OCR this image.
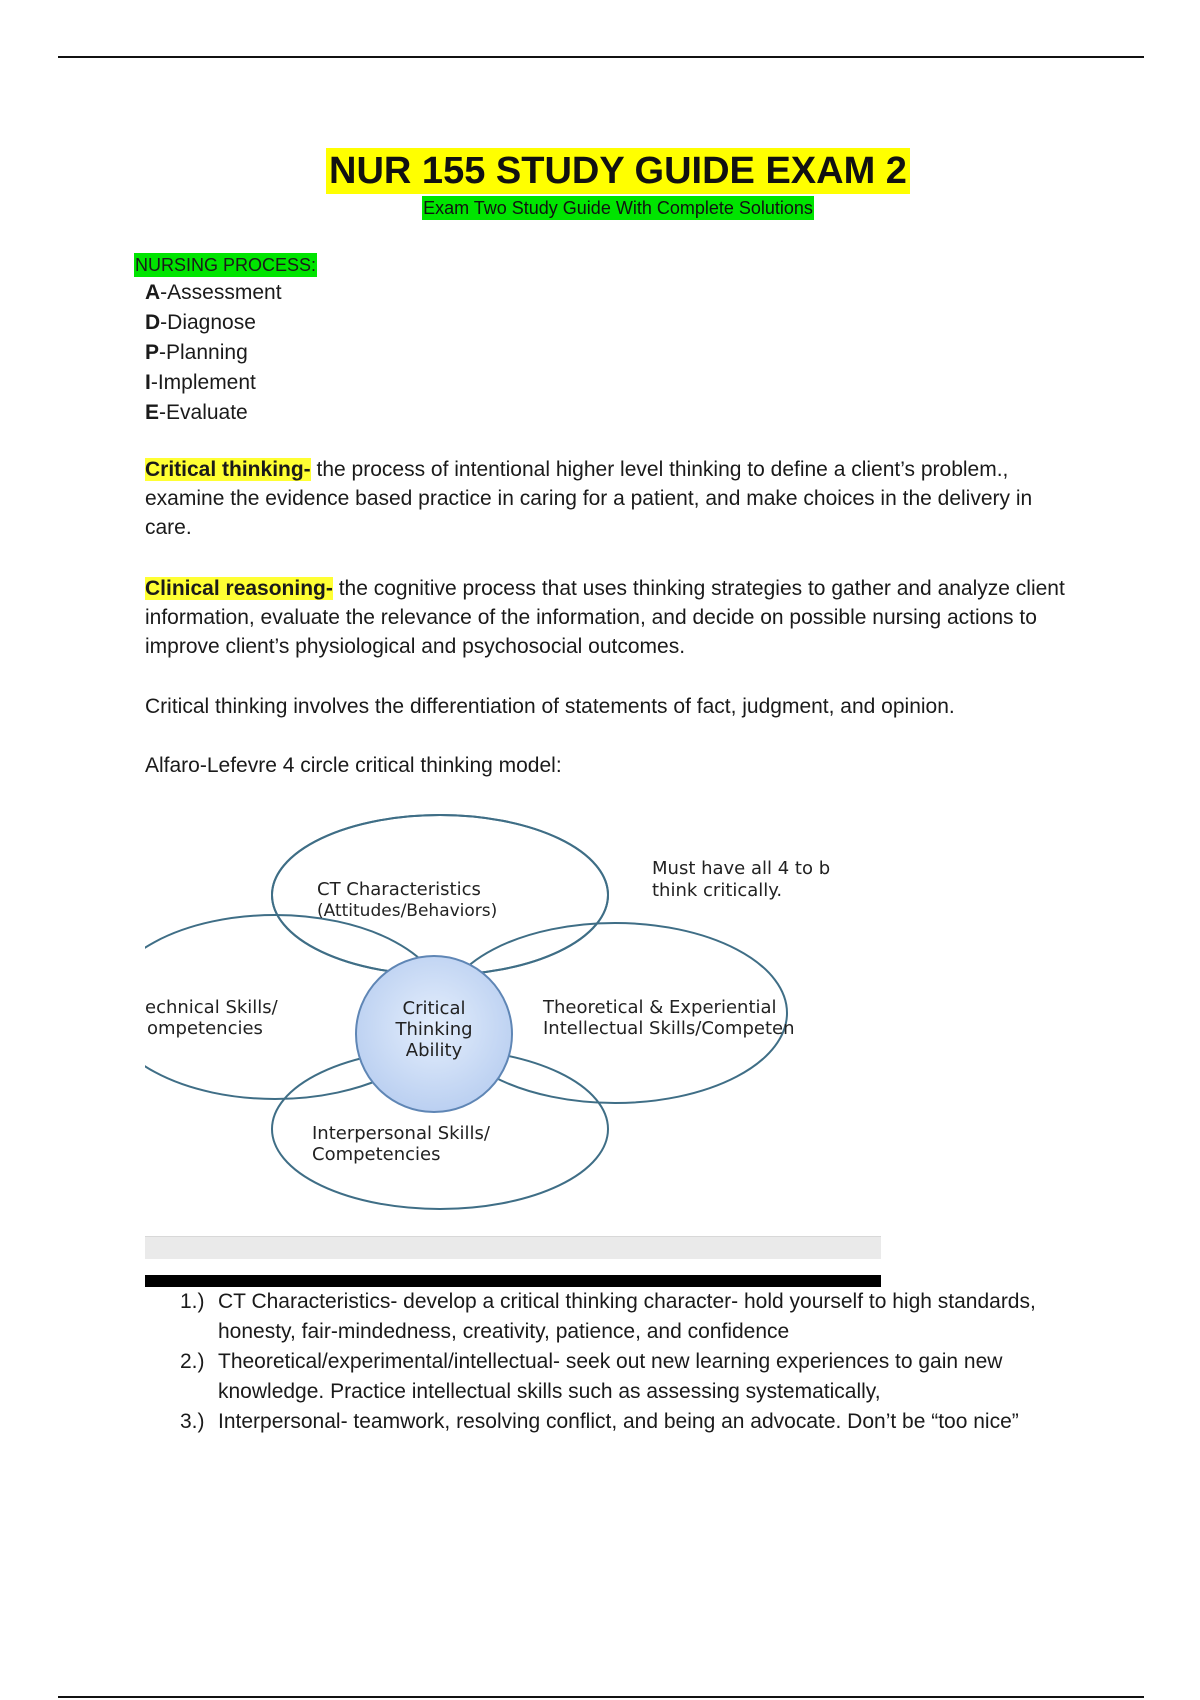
NUR 155 STUDY GUIDE EXAM 2
Exam Two Study Guide With Complete Solutions
NURSING PROCESS:
A-Assessment
D-Diagnose
P-Planning
I-Implement
E-Evaluate

Critical thinking- the process of intentional higher level thinking to define a client’s problem., examine the evidence based practice in caring for a patient, and make choices in the delivery in care.

Clinical reasoning- the cognitive process that uses thinking strategies to gather and analyze client information, evaluate the relevance of the information, and decide on possible nursing actions to improve client’s physiological and psychosocial outcomes.

Critical thinking involves the differentiation of statements of fact, judgment, and opinion.

Alfaro-Lefevre 4 circle critical thinking model:

CT Characteristics
(Attitudes/Behaviors)
Must have all 4 to b
think critically.
echnical Skills/
ompetencies
Critical
Thinking
Ability
Theoretical & Experiential
Intellectual Skills/Competen
Interpersonal Skills/
Competencies
1.) CT Characteristics- develop a critical thinking character- hold yourself to high standards, honesty, fair-mindedness, creativity, patience, and confidence
2.) Theoretical/experimental/intellectual- seek out new learning experiences to gain new knowledge. Practice intellectual skills such as assessing systematically,
3.) Interpersonal- teamwork, resolving conflict, and being an advocate. Don’t be “too nice”
